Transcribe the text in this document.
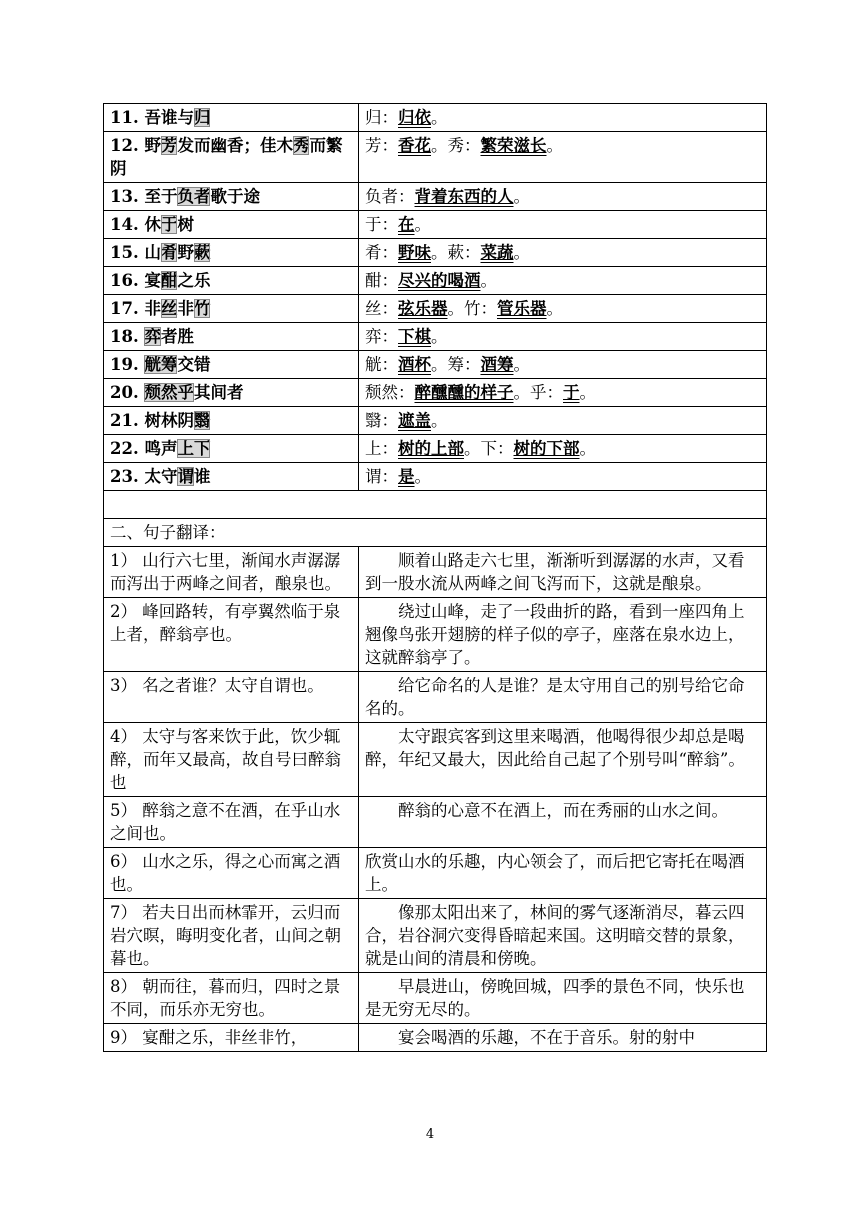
11. 吾谁与归	归：归依。
12. 野芳发而幽香；佳木秀而繁阴	芳：香花。秀：繁荣滋长。
13. 至于负者歌于途	负者：背着东西的人。
14. 休于树	于：在。
15. 山肴野蔌	肴：野味。蔌：菜蔬。
16. 宴酣之乐	酣：尽兴的喝酒。
17. 非丝非竹	丝：弦乐器。竹：管乐器。
18. 弈者胜	弈：下棋。
19. 觥筹交错	觥：酒杯。筹：酒筹。
20. 颓然乎其间者	颓然：醉醺醺的样子。乎：于。
21. 树林阴翳	翳：遮盖。
22. 鸣声上下	上：树的上部。下：树的下部。
23. 太守谓谁	谓：是。

二、句子翻译：	
1） 山行六七里，渐闻水声潺潺而泻出于两峰之间者，酿泉也。	顺着山路走六七里，渐渐听到潺潺的水声，又看到一股水流从两峰之间飞泻而下，这就是酿泉。
2） 峰回路转，有亭翼然临于泉上者，醉翁亭也。	绕过山峰，走了一段曲折的路，看到一座四角上翘像鸟张开翅膀的样子似的亭子，座落在泉水边上，这就醉翁亭了。
3） 名之者谁？太守自谓也。	给它命名的人是谁？是太守用自己的别号给它命名的。
4） 太守与客来饮于此，饮少辄醉，而年又最高，故自号曰醉翁也	太守跟宾客到这里来喝酒，他喝得很少却总是喝醉，年纪又最大，因此给自己起了个别号叫“醉翁”。
5） 醉翁之意不在酒，在乎山水之间也。	醉翁的心意不在酒上，而在秀丽的山水之间。
6） 山水之乐，得之心而寓之酒也。	欣赏山水的乐趣，内心领会了，而后把它寄托在喝酒上。
7） 若夫日出而林霏开，云归而岩穴暝，晦明变化者，山间之朝暮也。	像那太阳出来了，林间的雾气逐渐消尽，暮云四合，岩谷洞穴变得昏暗起来国。这明暗交替的景象，就是山间的清晨和傍晚。
8） 朝而往，暮而归，四时之景不同，而乐亦无穷也。	早晨进山，傍晚回城，四季的景色不同，快乐也是无穷无尽的。
9） 宴酣之乐，非丝非竹，	宴会喝酒的乐趣，不在于音乐。射的射中
4
